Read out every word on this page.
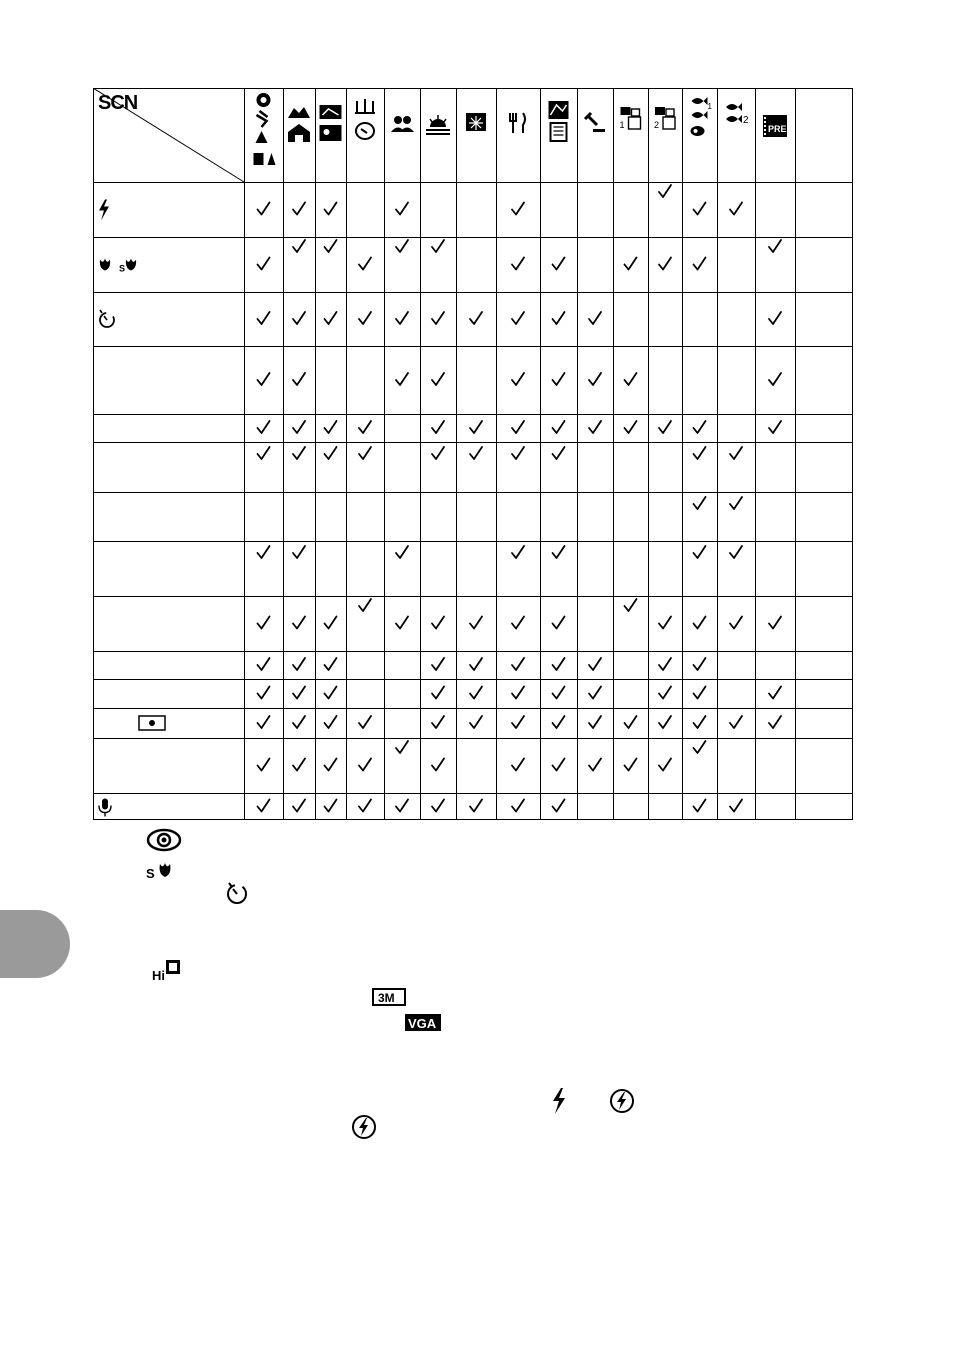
S
1	2
1
2
PRE
SCN
S
Hi
3M
VGA
